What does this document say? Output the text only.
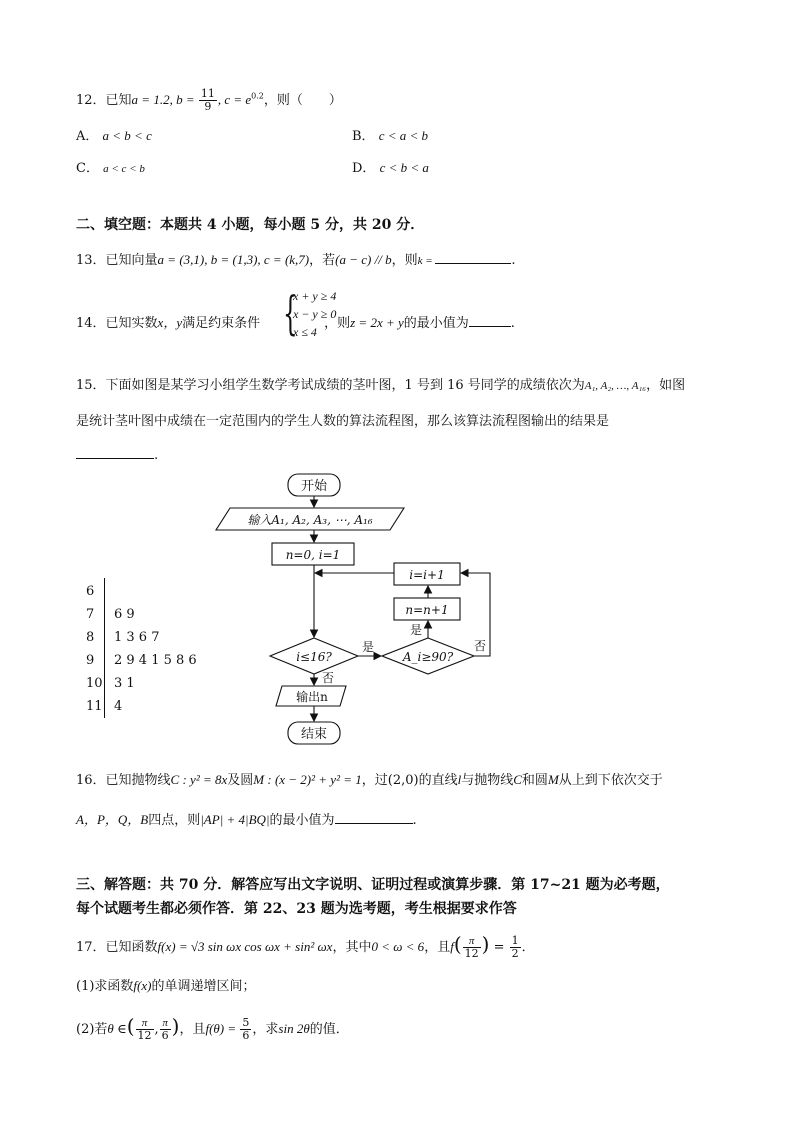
12．已知a = 1.2, $b = \frac{11}{9}$ , $c = e^{0.2}$，则（　　）
A． a < b < c	B． c < a < b
C． a < c < b	D． c < b < a
二、填空题：本题共 4 小题，每小题 5 分，共 20 分．
13．已知向量a = (3,1), b = (1,3), c = (k,7)，若(a − c) // b，则k =	.
14．已知实数x，y满足约束条件	，则z = 2x + y的最小值为	.
{
x + y ≥ 4
x − y ≥ 0
x ≤ 4
15．下面如图是某学习小组学生数学考试成绩的茎叶图，1 号到 16 号同学的成绩依次为A₁, A₂, …, A₁₆，如图
是统计茎叶图中成绩在一定范围内的学生人数的算法流程图，那么该算法流程图输出的结果是
.
6
7 6 9
8 1 3 6 7
9 2 9 4 1 5 8 6
10 3 1
11 4
开始
输入A₁, A₂, A₃, ⋯, A₁₆
n=0, i=1
i≤16?	A_i≥90?
n=n+1
i=i+1
输出n
结束
是
是
否
否
16．已知抛物线C : y² = 8x及圆M : (x − 2)² + y² = 1，过(2,0)的直线l与抛物线C和圆M从上到下依次交于
A，P，Q，B四点，则|AP| + 4|BQ|的最小值为	.
三、解答题：共 70 分．解答应写出文字说明、证明过程或演算步骤．第 17~21 题为必考题，
每个试题考生都必须作答．第 22、23 题为选考题，考生根据要求作答
17．已知函数f(x) = √3 sin ωx cos ωx + sin² ωx，其中0 < ω < 6，且$f( \frac{\pi}{12}$ ) = $\frac{1}{2}$ ．
(1)求函数f(x)的单调递增区间；
(2)若θ ∈( $\frac{\pi}{12}$ , $\frac{\pi}{6}$ )，且$f(\theta) = \frac{5}{6}$ ，求sin 2θ的值．
